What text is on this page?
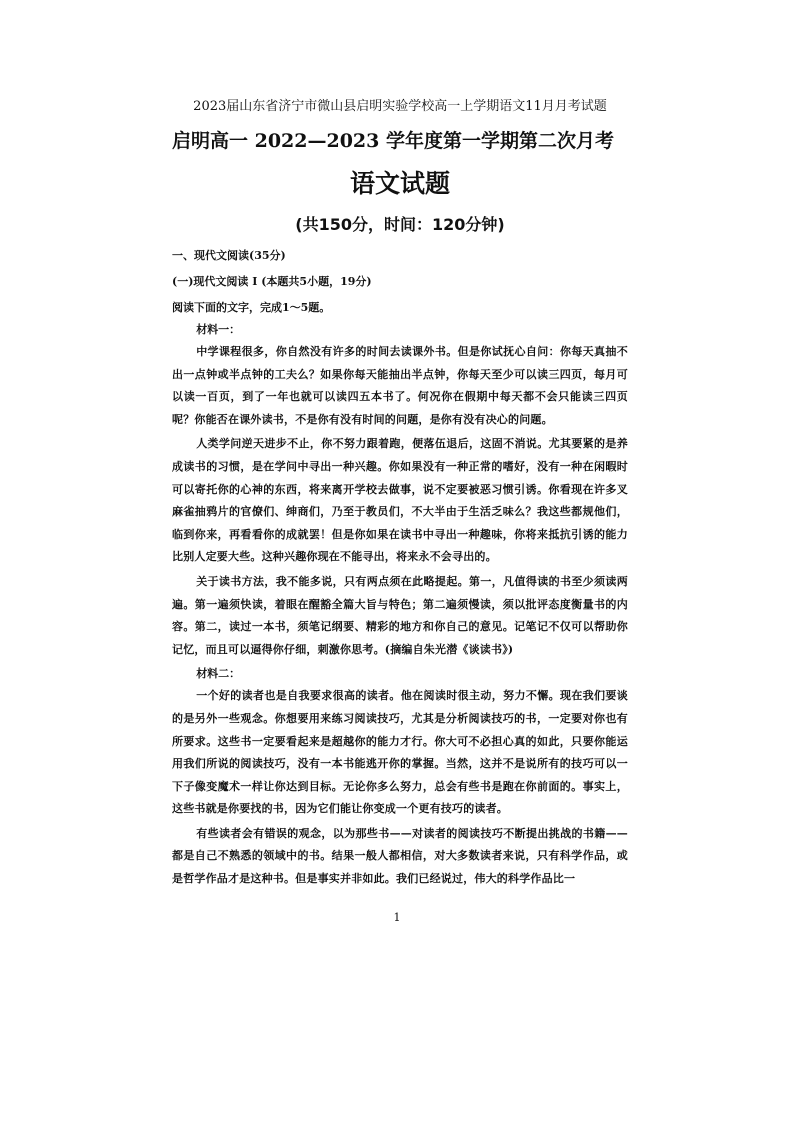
2023届山东省济宁市微山县启明实验学校高一上学期语文11月月考试题
启明高一 2022—2023 学年度第一学期第二次月考
语文试题
(共150分，时间：120分钟)
一、现代文阅读(35分)
(一)现代文阅读 I (本题共5小题，19分)
阅读下面的文字，完成1～5题。
材料一：

中学课程很多，你自然没有许多的时间去读课外书。但是你试抚心自问：你每天真抽不出一点钟或半点钟的工夫么？如果你每天能抽出半点钟，你每天至少可以读三四页，每月可以读一百页，到了一年也就可以读四五本书了。何况你在假期中每天都不会只能读三四页呢？你能否在课外读书，不是你有没有时间的问题，是你有没有决心的问题。

人类学问逆天进步不止，你不努力跟着跑，便落伍退后，这固不消说。尤其要紧的是养成读书的习惯，是在学问中寻出一种兴趣。你如果没有一种正常的嗜好，没有一种在闲暇时可以寄托你的心神的东西，将来离开学校去做事，说不定要被恶习惯引诱。你看现在许多叉麻雀抽鸦片的官僚们、绅商们，乃至于教员们，不大半由于生活乏味么？我这些都规他们，临到你来，再看看你的成就罢！但是你如果在读书中寻出一种趣味，你将来抵抗引诱的能力比别人定要大些。这种兴趣你现在不能寻出，将来永不会寻出的。

关于读书方法，我不能多说，只有两点须在此略提起。第一，凡值得读的书至少须读两遍。第一遍须快读，着眼在醒豁全篇大旨与特色；第二遍须慢读，须以批评态度衡量书的内容。第二，读过一本书，须笔记纲要、精彩的地方和你自己的意见。记笔记不仅可以帮助你记忆，而且可以逼得你仔细，刺激你思考。(摘编自朱光潜《谈读书》)

材料二：

一个好的读者也是自我要求很高的读者。他在阅读时很主动，努力不懈。现在我们要谈的是另外一些观念。你想要用来练习阅读技巧，尤其是分析阅读技巧的书，一定要对你也有所要求。这些书一定要看起来是超越你的能力才行。你大可不必担心真的如此，只要你能运用我们所说的阅读技巧，没有一本书能逃开你的掌握。当然，这并不是说所有的技巧可以一下子像变魔术一样让你达到目标。无论你多么努力，总会有些书是跑在你前面的。事实上，这些书就是你要找的书，因为它们能让你变成一个更有技巧的读者。

有些读者会有错误的观念，以为那些书——对读者的阅读技巧不断提出挑战的书籍——都是自己不熟悉的领域中的书。结果一般人都相信，对大多数读者来说，只有科学作品，或是哲学作品才是这种书。但是事实并非如此。我们已经说过，伟大的科学作品比一

1
